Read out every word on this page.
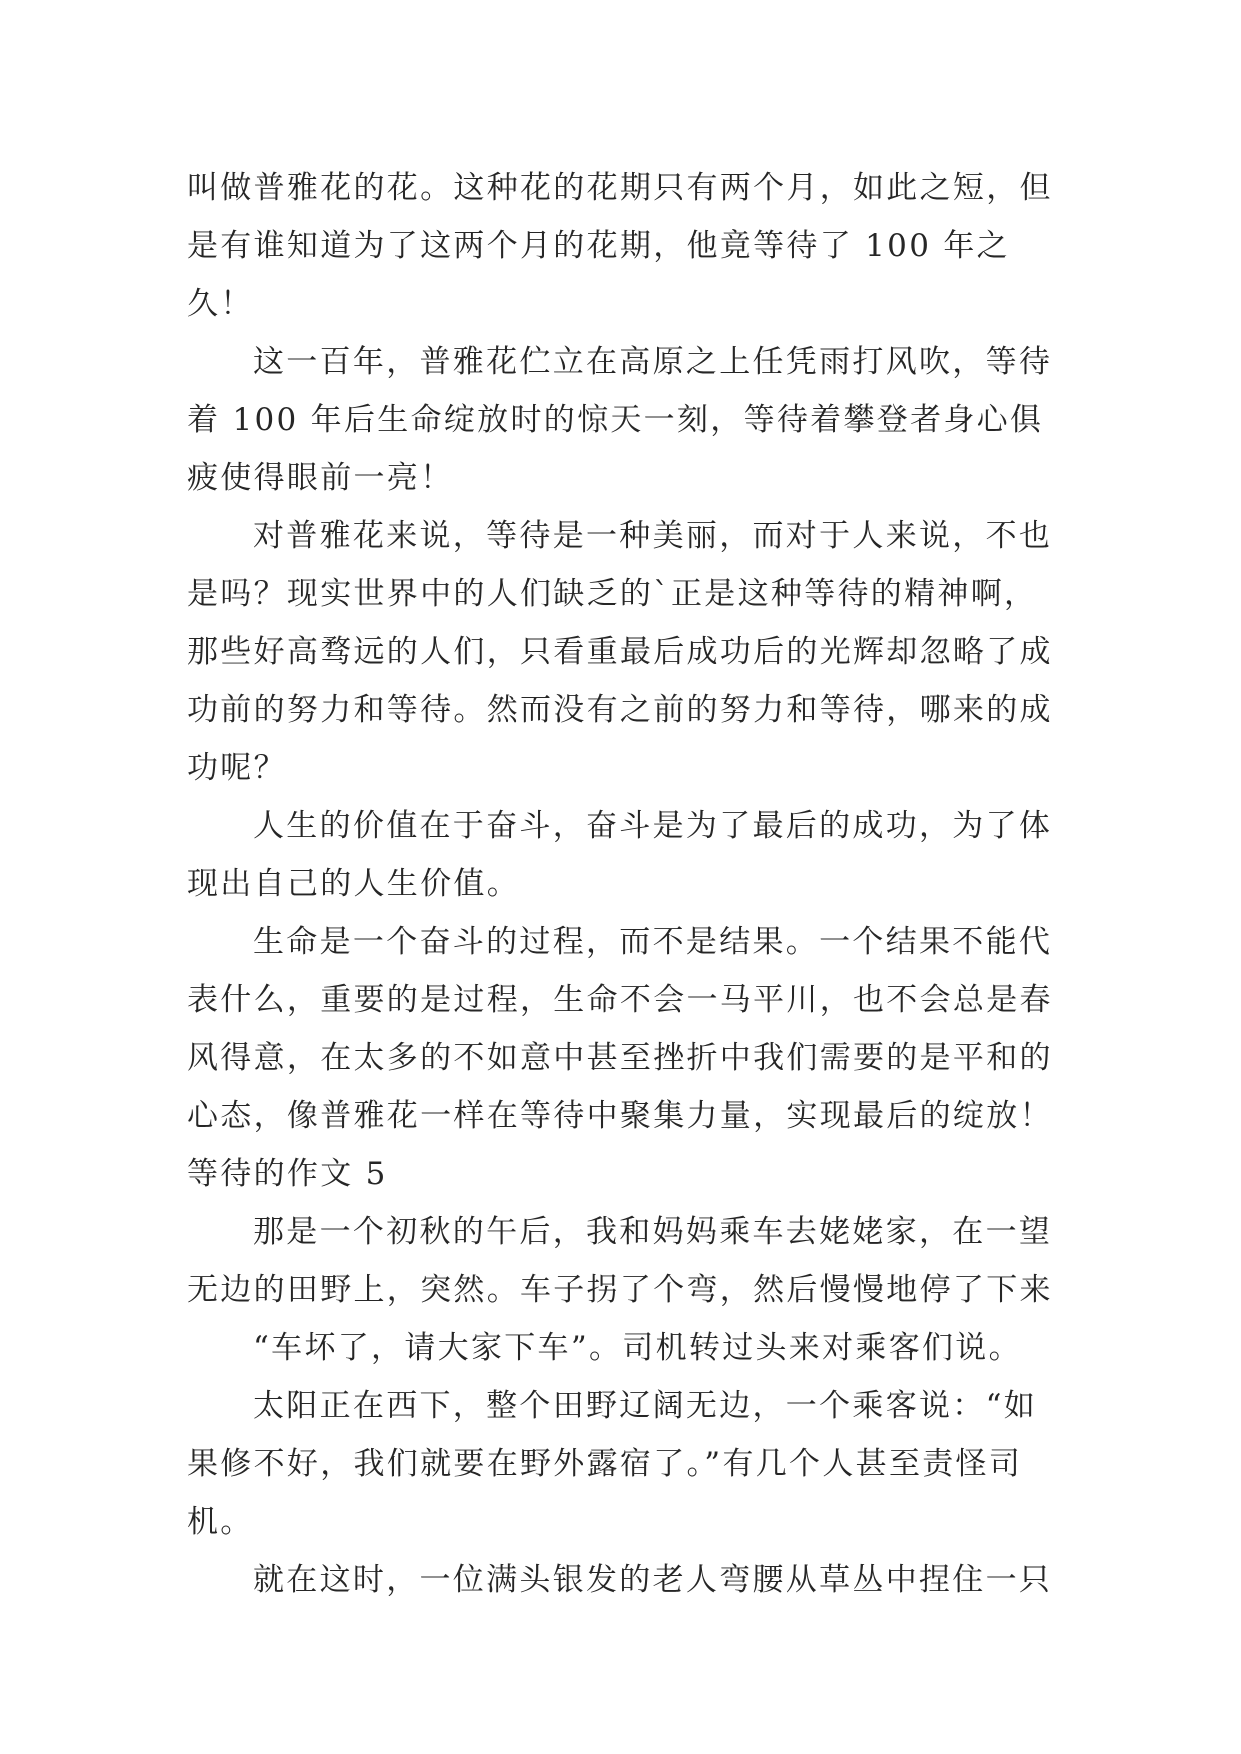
叫做普雅花的花。这种花的花期只有两个月，如此之短，但是有谁知道为了这两个月的花期，他竟等待了 100 年之久！

这一百年，普雅花伫立在高原之上任凭雨打风吹，等待着 100 年后生命绽放时的惊天一刻，等待着攀登者身心俱疲使得眼前一亮！

对普雅花来说，等待是一种美丽，而对于人来说，不也是吗？现实世界中的人们缺乏的`正是这种等待的精神啊，那些好高骛远的人们，只看重最后成功后的光辉却忽略了成功前的努力和等待。然而没有之前的努力和等待，哪来的成功呢？

人生的价值在于奋斗，奋斗是为了最后的成功，为了体现出自己的人生价值。

生命是一个奋斗的过程，而不是结果。一个结果不能代表什么，重要的是过程，生命不会一马平川，也不会总是春风得意，在太多的不如意中甚至挫折中我们需要的是平和的心态，像普雅花一样在等待中聚集力量，实现最后的绽放！

等待的作文 5

那是一个初秋的午后，我和妈妈乘车去姥姥家，在一望无边的田野上，突然。车子拐了个弯，然后慢慢地停了下来

“车坏了，请大家下车”。司机转过头来对乘客们说。

太阳正在西下，整个田野辽阔无边，一个乘客说：“如果修不好，我们就要在野外露宿了。”有几个人甚至责怪司机。

就在这时，一位满头银发的老人弯腰从草丛中捏住一只
